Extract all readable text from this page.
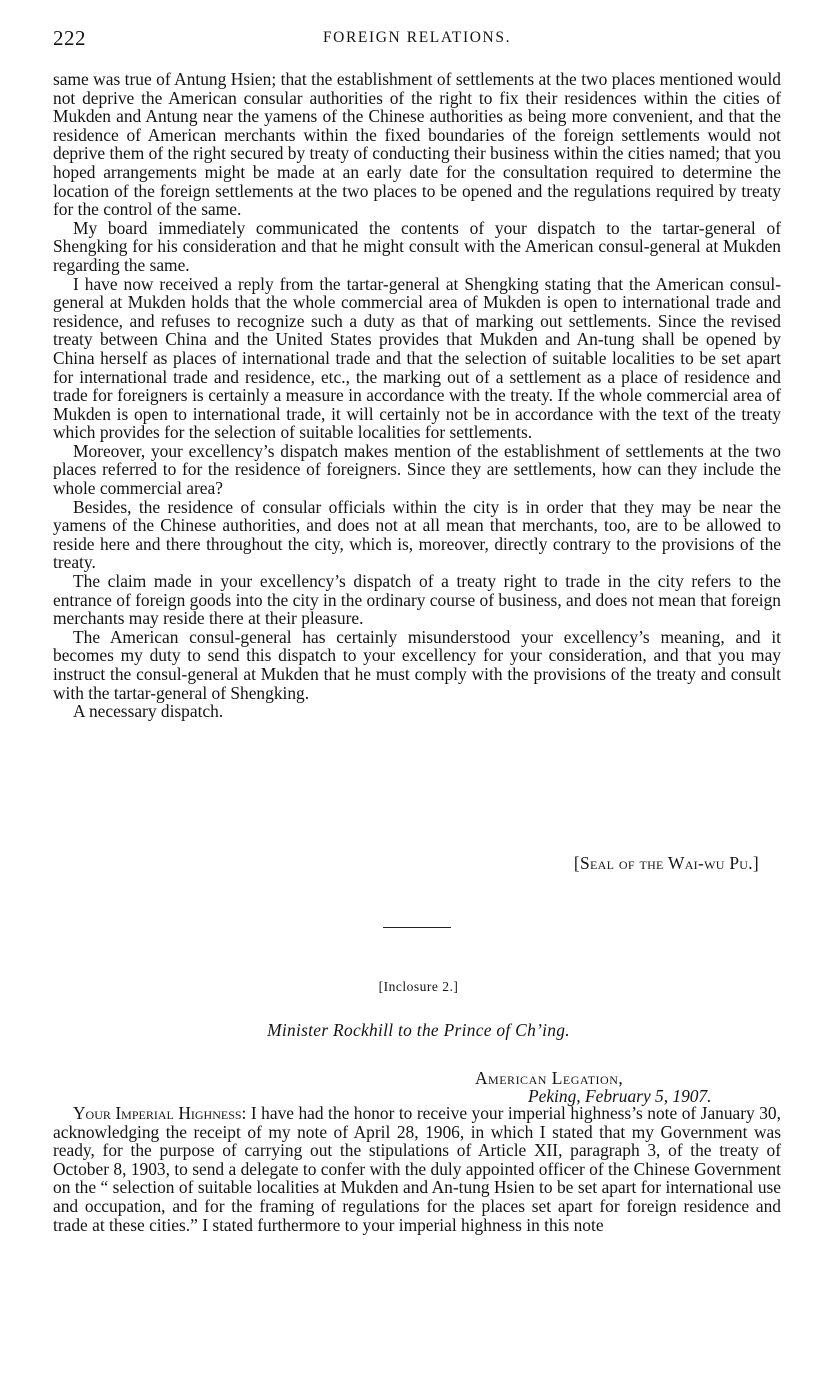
222	FOREIGN RELATIONS.

same was true of Antung Hsien; that the establishment of settlements at the two places mentioned would not deprive the American consular authorities of the right to fix their residences within the cities of Mukden and Antung near the yamens of the Chinese authorities as being more convenient, and that the residence of American merchants within the fixed boundaries of the foreign settlements would not deprive them of the right secured by treaty of conducting their business within the cities named; that you hoped arrangements might be made at an early date for the consultation required to determine the location of the foreign settlements at the two places to be opened and the regulations required by treaty for the control of the same.

My board immediately communicated the contents of your dispatch to the tartar-general of Shengking for his consideration and that he might consult with the American consul-general at Mukden regarding the same.

I have now received a reply from the tartar-general at Shengking stating that the American consul-general at Mukden holds that the whole commercial area of Mukden is open to international trade and residence, and refuses to recognize such a duty as that of marking out settlements. Since the revised treaty between China and the United States provides that Mukden and An-tung shall be opened by China herself as places of international trade and that the selection of suitable localities to be set apart for international trade and residence, etc., the marking out of a settlement as a place of residence and trade for foreigners is certainly a measure in accordance with the treaty. If the whole commercial area of Mukden is open to international trade, it will certainly not be in accordance with the text of the treaty which provides for the selection of suitable localities for settlements.

Moreover, your excellency’s dispatch makes mention of the establishment of settlements at the two places referred to for the residence of foreigners. Since they are settlements, how can they include the whole commercial area?

Besides, the residence of consular officials within the city is in order that they may be near the yamens of the Chinese authorities, and does not at all mean that merchants, too, are to be allowed to reside here and there throughout the city, which is, moreover, directly contrary to the provisions of the treaty.

The claim made in your excellency’s dispatch of a treaty right to trade in the city refers to the entrance of foreign goods into the city in the ordinary course of business, and does not mean that foreign merchants may reside there at their pleasure.

The American consul-general has certainly misunderstood your excellency’s meaning, and it becomes my duty to send this dispatch to your excellency for your consideration, and that you may instruct the consul-general at Mukden that he must comply with the provisions of the treaty and consult with the tartar-general of Shengking.

A necessary dispatch.

[Seal of the Wai-wu Pu.]
[Inclosure 2.]
Minister Rockhill to the Prince of Ch’ing.
American Legation,
Peking, February 5, 1907.

Your Imperial Highness: I have had the honor to receive your imperial highness’s note of January 30, acknowledging the receipt of my note of April 28, 1906, in which I stated that my Government was ready, for the purpose of carrying out the stipulations of Article XII, paragraph 3, of the treaty of October 8, 1903, to send a delegate to confer with the duly appointed officer of the Chinese Government on the “ selection of suitable localities at Mukden and An-tung Hsien to be set apart for international use and occupation, and for the framing of regulations for the places set apart for foreign residence and trade at these cities.” I stated furthermore to your imperial highness in this note
